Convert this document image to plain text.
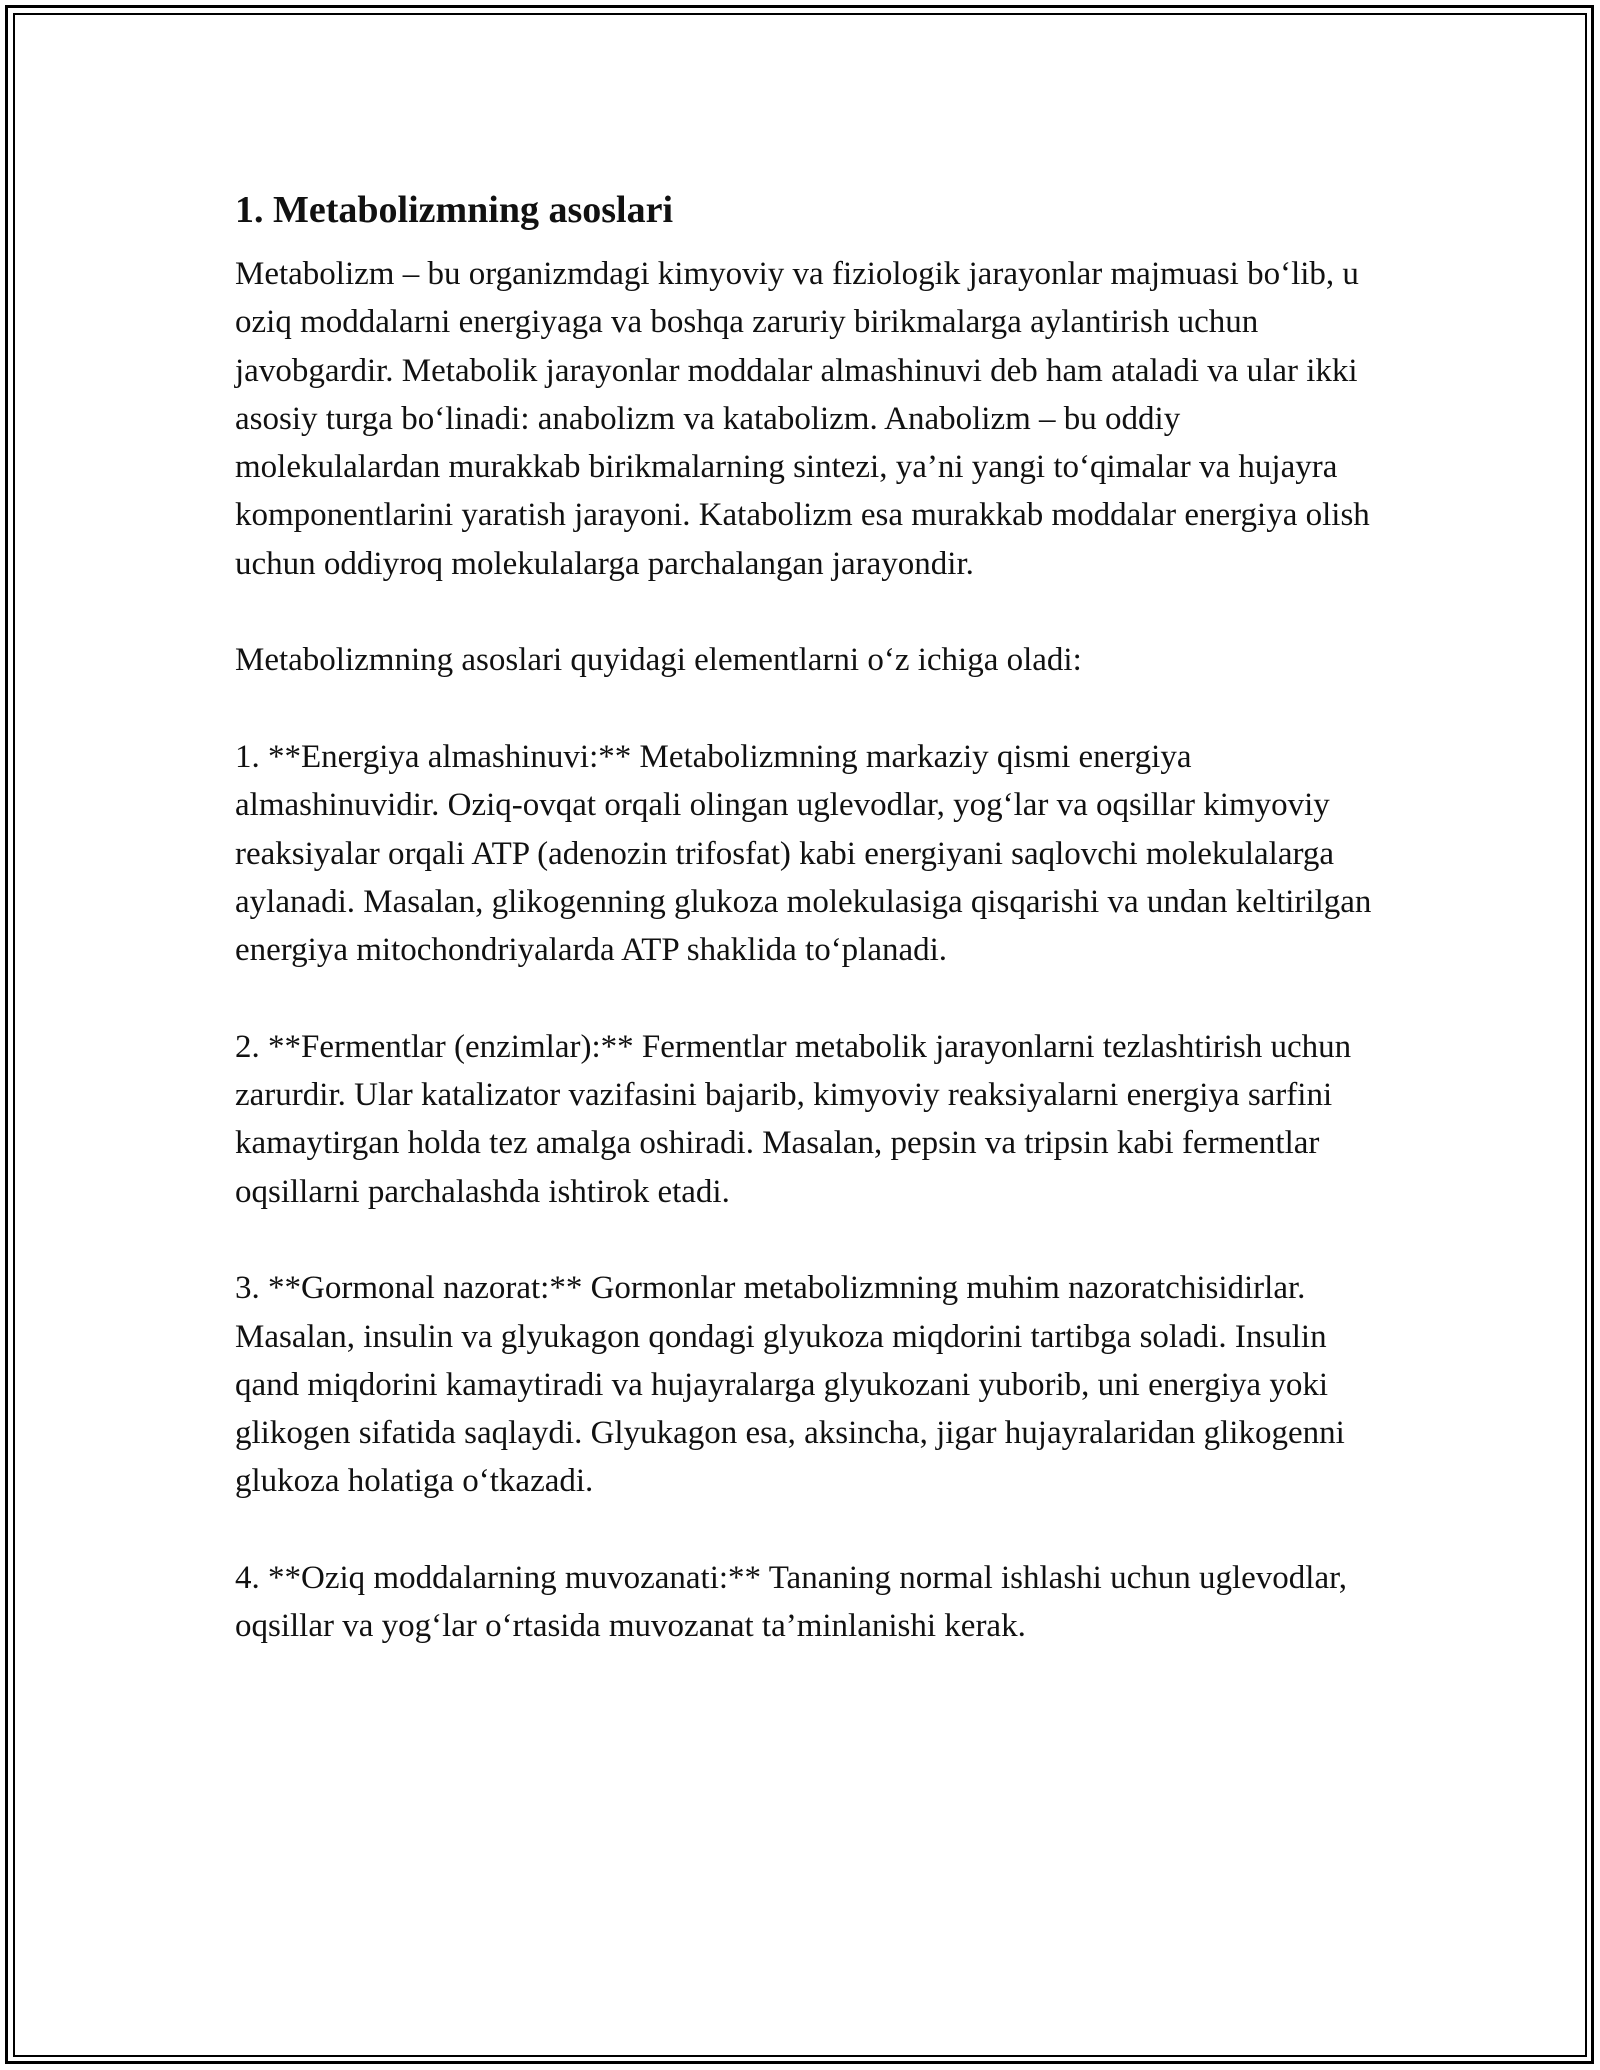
1. Metabolizmning asoslari

Metabolizm – bu organizmdagi kimyoviy va fiziologik jarayonlar majmuasi bo‘lib, u oziq moddalarni energiyaga va boshqa zaruriy birikmalarga aylantirish uchun javobgardir. Metabolik jarayonlar moddalar almashinuvi deb ham ataladi va ular ikki asosiy turga bo‘linadi: anabolizm va katabolizm. Anabolizm – bu oddiy molekulalardan murakkab birikmalarning sintezi, ya’ni yangi to‘qimalar va hujayra komponentlarini yaratish jarayoni. Katabolizm esa murakkab moddalar energiya olish uchun oddiyroq molekulalarga parchalangan jarayondir.

Metabolizmning asoslari quyidagi elementlarni o‘z ichiga oladi:

1. **Energiya almashinuvi:** Metabolizmning markaziy qismi energiya almashinuvidir. Oziq-ovqat orqali olingan uglevodlar, yog‘lar va oqsillar kimyoviy reaksiyalar orqali ATP (adenozin trifosfat) kabi energiyani saqlovchi molekulalarga aylanadi. Masalan, glikogenning glukoza molekulasiga qisqarishi va undan keltirilgan energiya mitochondriyalarda ATP shaklida to‘planadi.

2. **Fermentlar (enzimlar):** Fermentlar metabolik jarayonlarni tezlashtirish uchun zarurdir. Ular katalizator vazifasini bajarib, kimyoviy reaksiyalarni energiya sarfini kamaytirgan holda tez amalga oshiradi. Masalan, pepsin va tripsin kabi fermentlar oqsillarni parchalashda ishtirok etadi.

3. **Gormonal nazorat:** Gormonlar metabolizmning muhim nazoratchisidirlar. Masalan, insulin va glyukagon qondagi glyukoza miqdorini tartibga soladi. Insulin qand miqdorini kamaytiradi va hujayralarga glyukozani yuborib, uni energiya yoki glikogen sifatida saqlaydi. Glyukagon esa, aksincha, jigar hujayralaridan glikogenni glukoza holatiga o‘tkazadi.

4. **Oziq moddalarning muvozanati:** Tananing normal ishlashi uchun uglevodlar, oqsillar va yog‘lar o‘rtasida muvozanat ta’minlanishi kerak.
